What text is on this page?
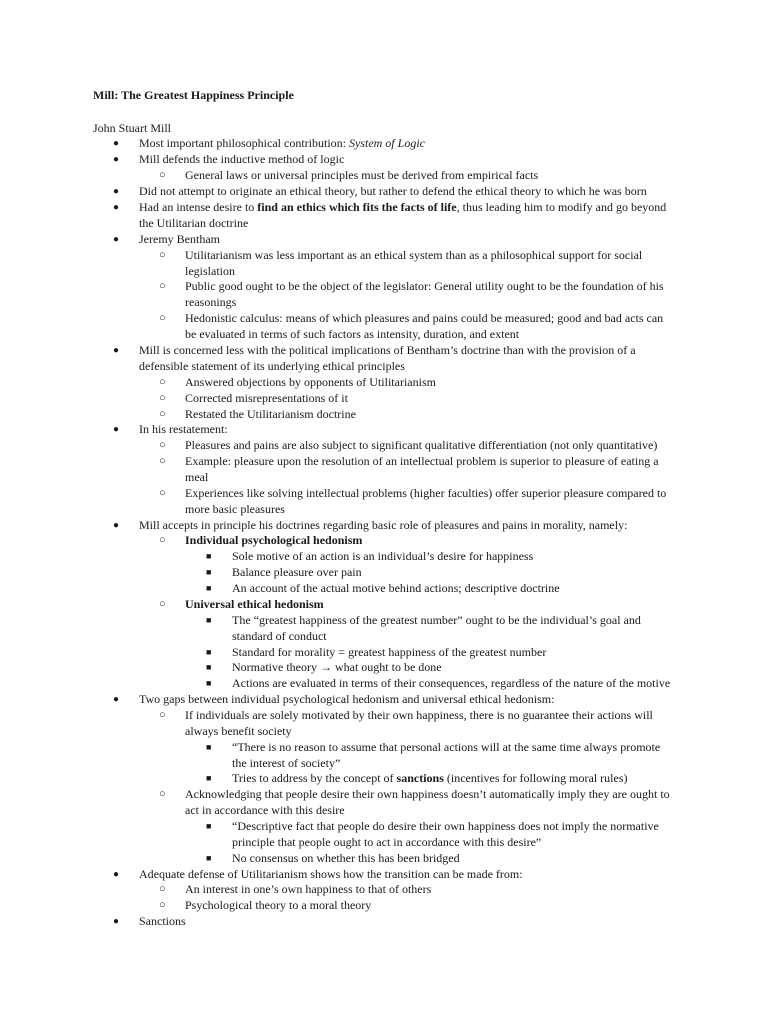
Mill: The Greatest Happiness Principle
John Stuart Mill
● Most important philosophical contribution: System of Logic
● Mill defends the inductive method of logic
○ General laws or universal principles must be derived from empirical facts
● Did not attempt to originate an ethical theory, but rather to defend the ethical theory to which he was born
● Had an intense desire to find an ethics which fits the facts of life, thus leading him to modify and go beyond the Utilitarian doctrine
● Jeremy Bentham
○ Utilitarianism was less important as an ethical system than as a philosophical support for social legislation
○ Public good ought to be the object of the legislator: General utility ought to be the foundation of his reasonings
○ Hedonistic calculus: means of which pleasures and pains could be measured; good and bad acts can be evaluated in terms of such factors as intensity, duration, and extent
● Mill is concerned less with the political implications of Bentham’s doctrine than with the provision of a defensible statement of its underlying ethical principles
○ Answered objections by opponents of Utilitarianism
○ Corrected misrepresentations of it
○ Restated the Utilitarianism doctrine
● In his restatement:
○ Pleasures and pains are also subject to significant qualitative differentiation (not only quantitative)
○ Example: pleasure upon the resolution of an intellectual problem is superior to pleasure of eating a meal
○ Experiences like solving intellectual problems (higher faculties) offer superior pleasure compared to more basic pleasures
● Mill accepts in principle his doctrines regarding basic role of pleasures and pains in morality, namely:
○ Individual psychological hedonism
■ Sole motive of an action is an individual’s desire for happiness
■ Balance pleasure over pain
■ An account of the actual motive behind actions; descriptive doctrine
○ Universal ethical hedonism
■ The “greatest happiness of the greatest number” ought to be the individual’s goal and standard of conduct
■ Standard for morality = greatest happiness of the greatest number
■ Normative theory → what ought to be done
■ Actions are evaluated in terms of their consequences, regardless of the nature of the motive
● Two gaps between individual psychological hedonism and universal ethical hedonism:
○ If individuals are solely motivated by their own happiness, there is no guarantee their actions will always benefit society
■ “There is no reason to assume that personal actions will at the same time always promote the interest of society”
■ Tries to address by the concept of sanctions (incentives for following moral rules)
○ Acknowledging that people desire their own happiness doesn’t automatically imply they are ought to act in accordance with this desire
■ “Descriptive fact that people do desire their own happiness does not imply the normative principle that people ought to act in accordance with this desire”
■ No consensus on whether this has been bridged
● Adequate defense of Utilitarianism shows how the transition can be made from:
○ An interest in one’s own happiness to that of others
○ Psychological theory to a moral theory
● Sanctions
